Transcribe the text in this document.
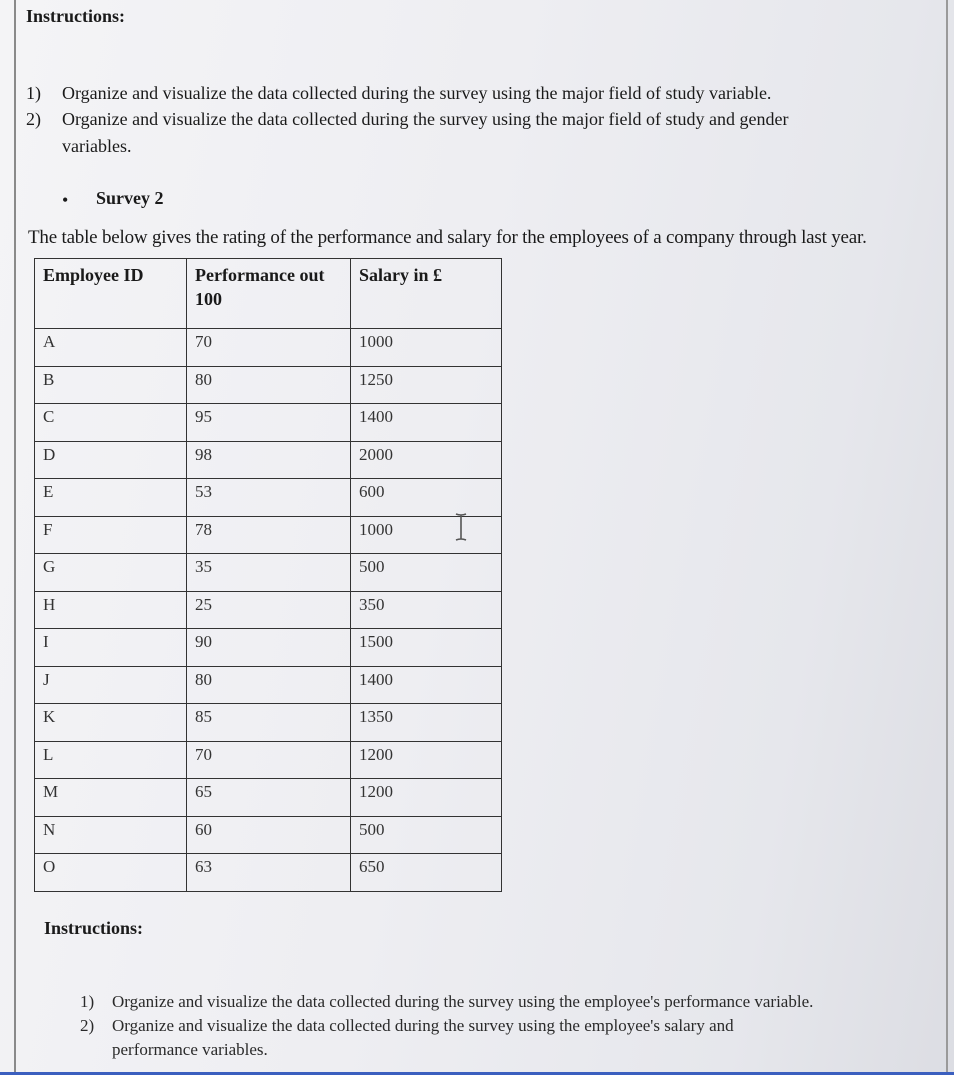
Instructions:
1) Organize and visualize the data collected during the survey using the major field of study variable.
2) Organize and visualize the data collected during the survey using the major field of study and gender
variables.
• Survey 2
The table below gives the rating of the performance and salary for the employees of a company through last year.
Employee ID	Performance out 100	Salary in £
A	70	1000
B	80	1250
C	95	1400
D	98	2000
E	53	600
F	78	1000
G	35	500
H	25	350
I	90	1500
J	80	1400
K	85	1350
L	70	1200
M	65	1200
N	60	500
O	63	650
Instructions:
1) Organize and visualize the data collected during the survey using the employee's performance variable.
2) Organize and visualize the data collected during the survey using the employee's salary and
performance variables.
